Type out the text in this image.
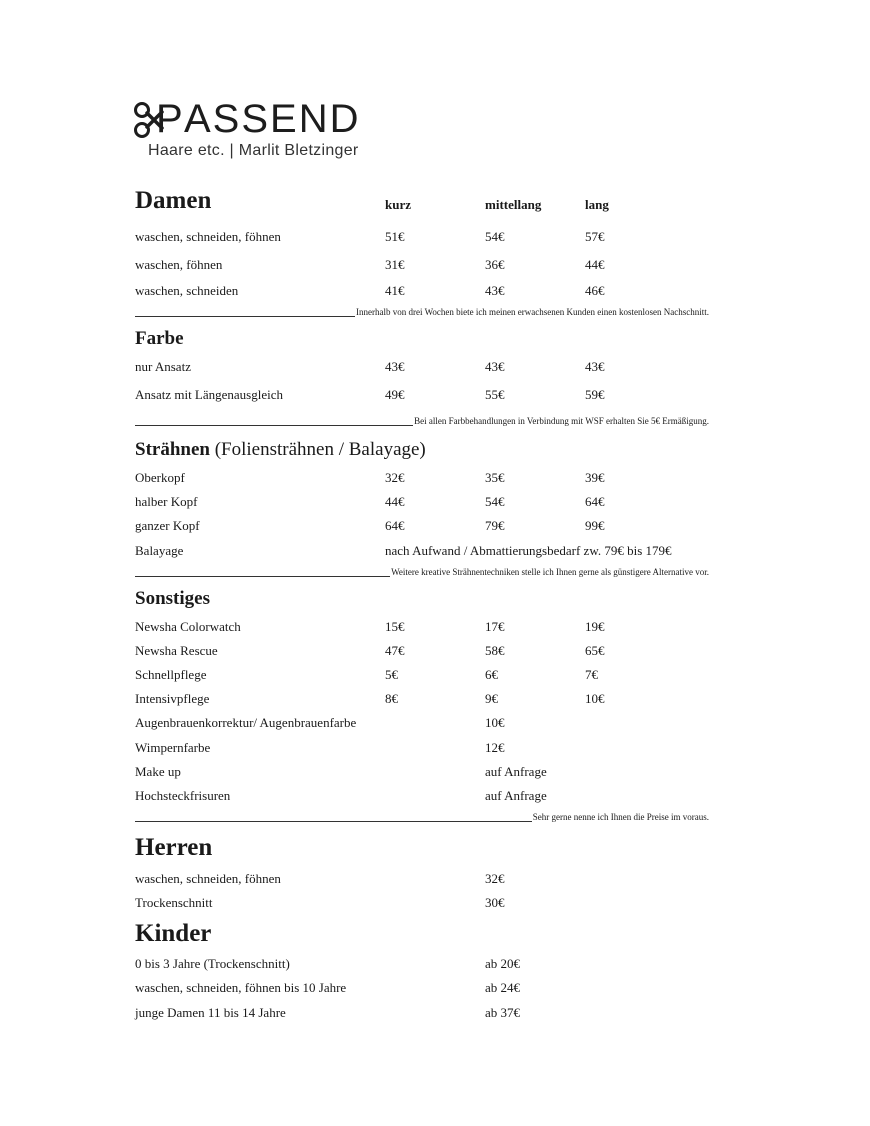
P ASSEND
Haare etc. | Marlit Bletzinger
Damen	kurz	mittellang	lang
waschen, schneiden, föhnen	51€	54€	57€
waschen, föhnen	31€	36€	44€
waschen, schneiden	41€	43€	46€
Innerhalb von drei Wochen biete ich meinen erwachsenen Kunden einen kostenlosen Nachschnitt.
Farbe
nur Ansatz	43€	43€	43€
Ansatz mit Längenausgleich	49€	55€	59€
Bei allen Farbbehandlungen in Verbindung mit WSF erhalten Sie 5€ Ermäßigung.
Strähnen (Foliensträhnen / Balayage)
Oberkopf	32€	35€	39€
halber Kopf	44€	54€	64€
ganzer Kopf	64€	79€	99€
Balayage	nach Aufwand / Abmattierungsbedarf zw. 79€ bis 179€
Weitere kreative Strähnentechniken stelle ich Ihnen gerne als günstigere Alternative vor.
Sonstiges
Newsha Colorwatch	15€	17€	19€
Newsha Rescue	47€	58€	65€
Schnellpflege	5€	6€	7€
Intensivpflege	8€	9€	10€
Augenbrauenkorrektur/ Augenbrauenfarbe	10€
Wimpernfarbe	12€
Make up	auf Anfrage
Hochsteckfrisuren	auf Anfrage
Sehr gerne nenne ich Ihnen die Preise im voraus.
Herren
waschen, schneiden, föhnen	32€
Trockenschnitt	30€
Kinder
0 bis 3 Jahre (Trockenschnitt)	ab 20€
waschen, schneiden, föhnen bis 10 Jahre	ab 24€
junge Damen 11 bis 14 Jahre	ab 37€
